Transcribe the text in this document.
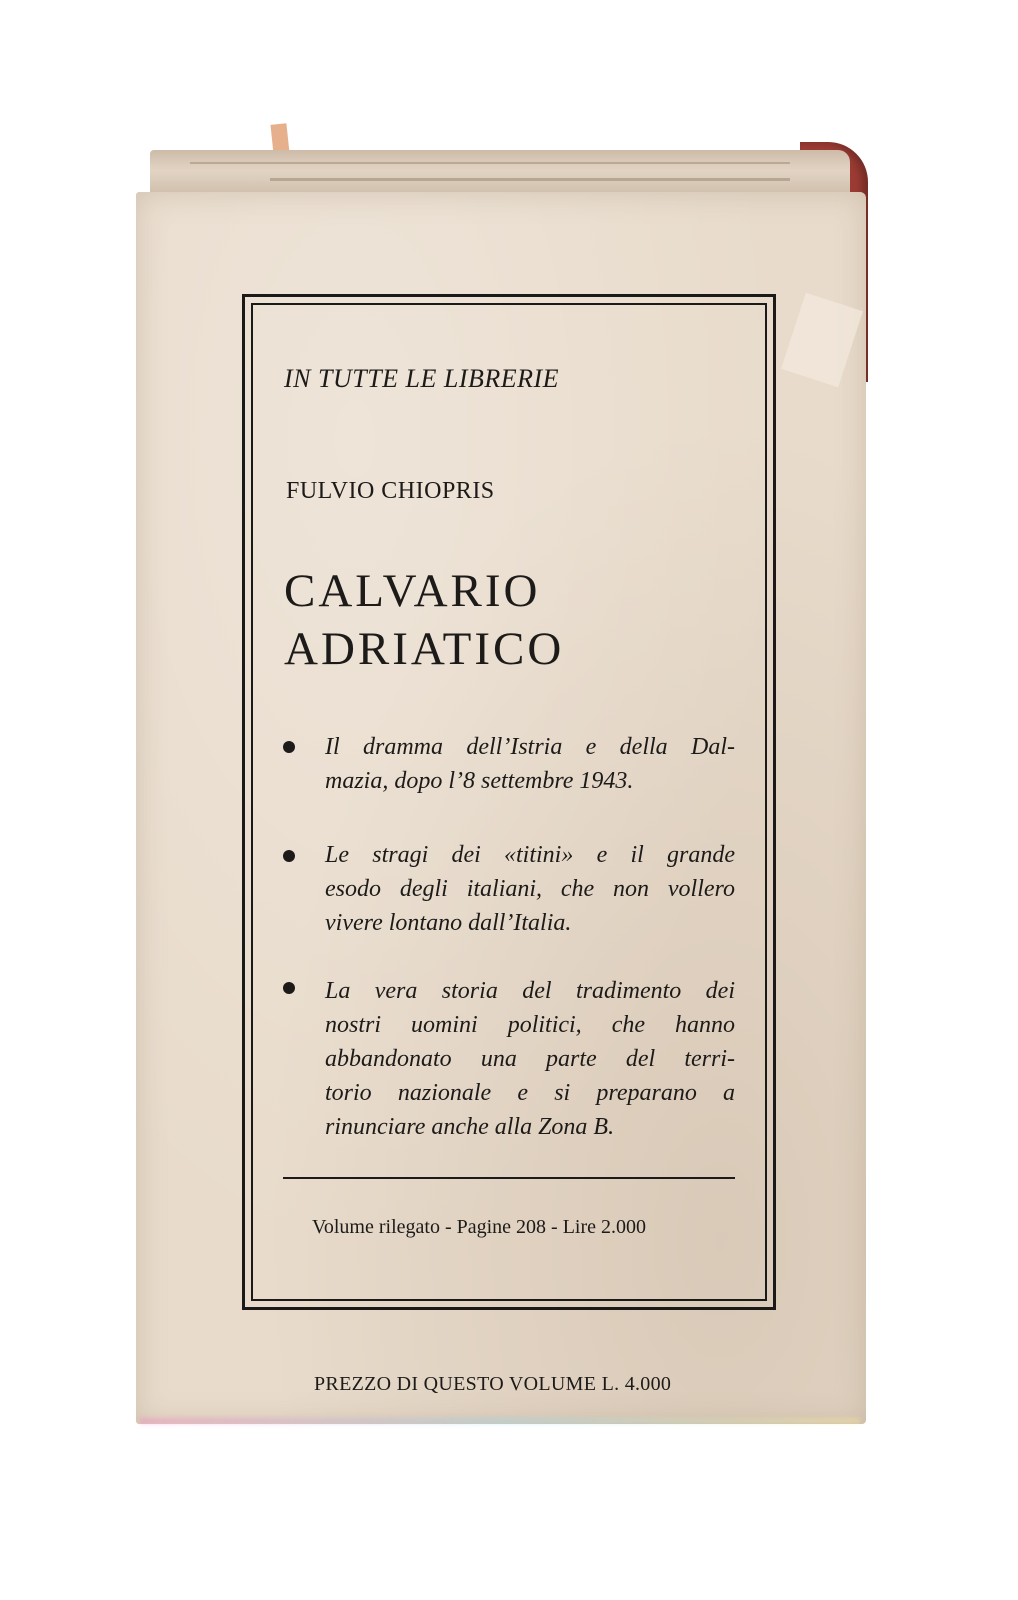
IN TUTTE LE LIBRERIE

FULVIO CHIOPRIS

CALVARIO

ADRIATICO

Il dramma dell’Istria e della Dal-

mazia, dopo l’8 settembre 1943.

Le stragi dei «titini» e il grande

esodo degli italiani, che non vollero

vivere lontano dall’Italia.

La vera storia del tradimento dei

nostri uomini politici, che hanno

abbandonato una parte del terri-

torio nazionale e si preparano a

rinunciare anche alla Zona B.

Volume rilegato - Pagine 208 - Lire 2.000

PREZZO DI QUESTO VOLUME L. 4.000
